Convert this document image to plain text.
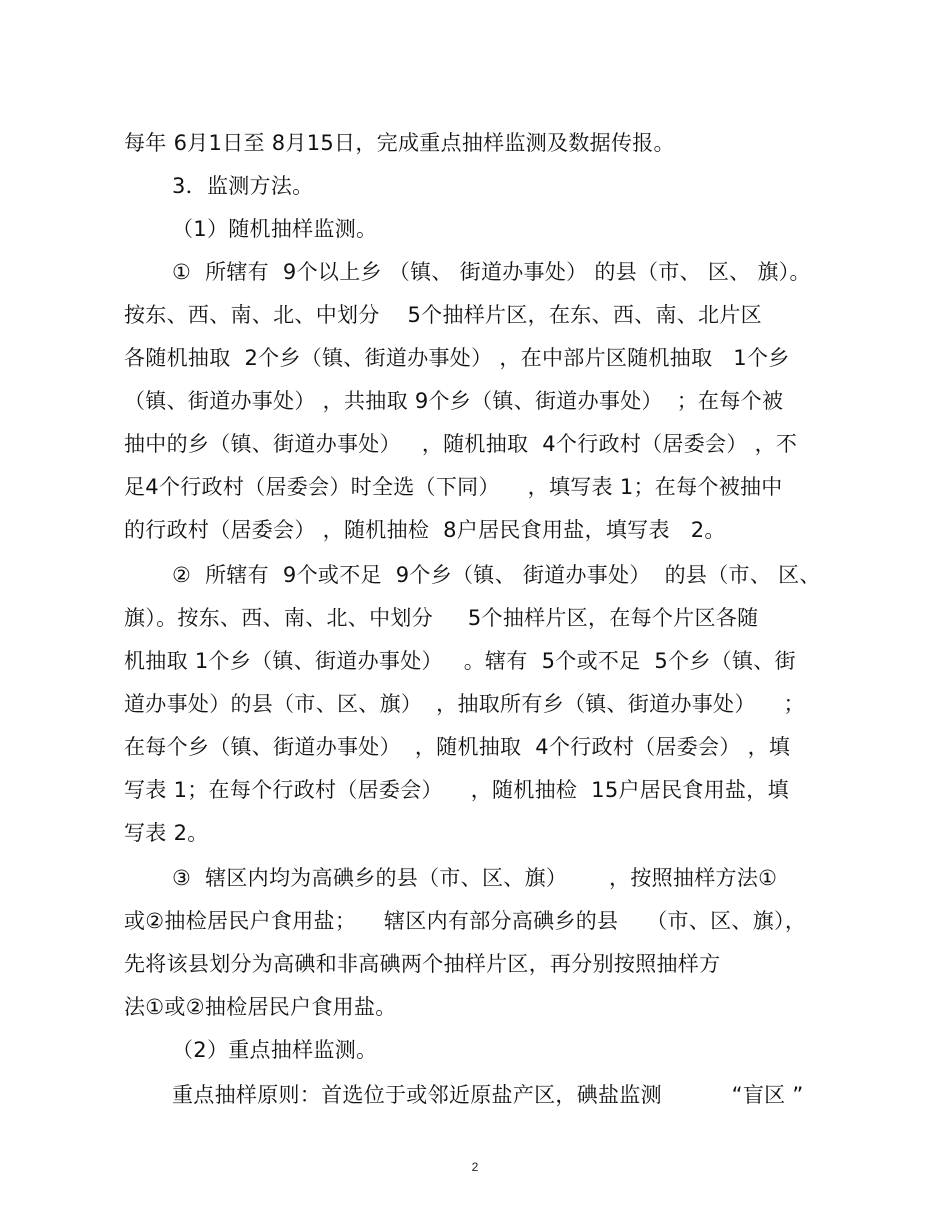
每年 6月1日至 8月15日，完成重点抽样监测及数据传报。
3．监测方法。
（1）随机抽样监测。
①  所辖有  9个以上乡 （镇、 街道办事处） 的县（市、 区、 旗）。
按东、西、南、北、中划分    5个抽样片区，在东、西、南、北片区
各随机抽取  2个乡（镇、街道办事处） ，在中部片区随机抽取   1个乡
（镇、街道办事处） ，共抽取 9个乡（镇、街道办事处）  ；在每个被
抽中的乡（镇、街道办事处）   ，随机抽取  4个行政村（居委会） ，不
足4个行政村（居委会）时全选（下同）    ，填写表 1；在每个被抽中
的行政村（居委会） ，随机抽检  8户居民食用盐，填写表   2。
②  所辖有  9个或不足  9个乡（镇、 街道办事处）  的县（市、 区、
旗）。按东、西、南、北、中划分     5个抽样片区，在每个片区各随
机抽取 1个乡（镇、街道办事处）   。辖有  5个或不足  5个乡（镇、街
道办事处）的县（市、区、旗）  ，抽取所有乡（镇、街道办事处）    ；
在每个乡（镇、街道办事处）  ，随机抽取  4个行政村（居委会） ，填
写表 1；在每个行政村（居委会）    ，随机抽检  15户居民食用盐，填
写表 2。
③  辖区内均为高碘乡的县（市、区、旗）      ，按照抽样方法①
或②抽检居民户食用盐；    辖区内有部分高碘乡的县    （市、区、旗），
先将该县划分为高碘和非高碘两个抽样片区，再分别按照抽样方
法①或②抽检居民户食用盐。
（2）重点抽样监测。
重点抽样原则：首选位于或邻近原盐产区，碘盐监测          “盲区 ”
2
